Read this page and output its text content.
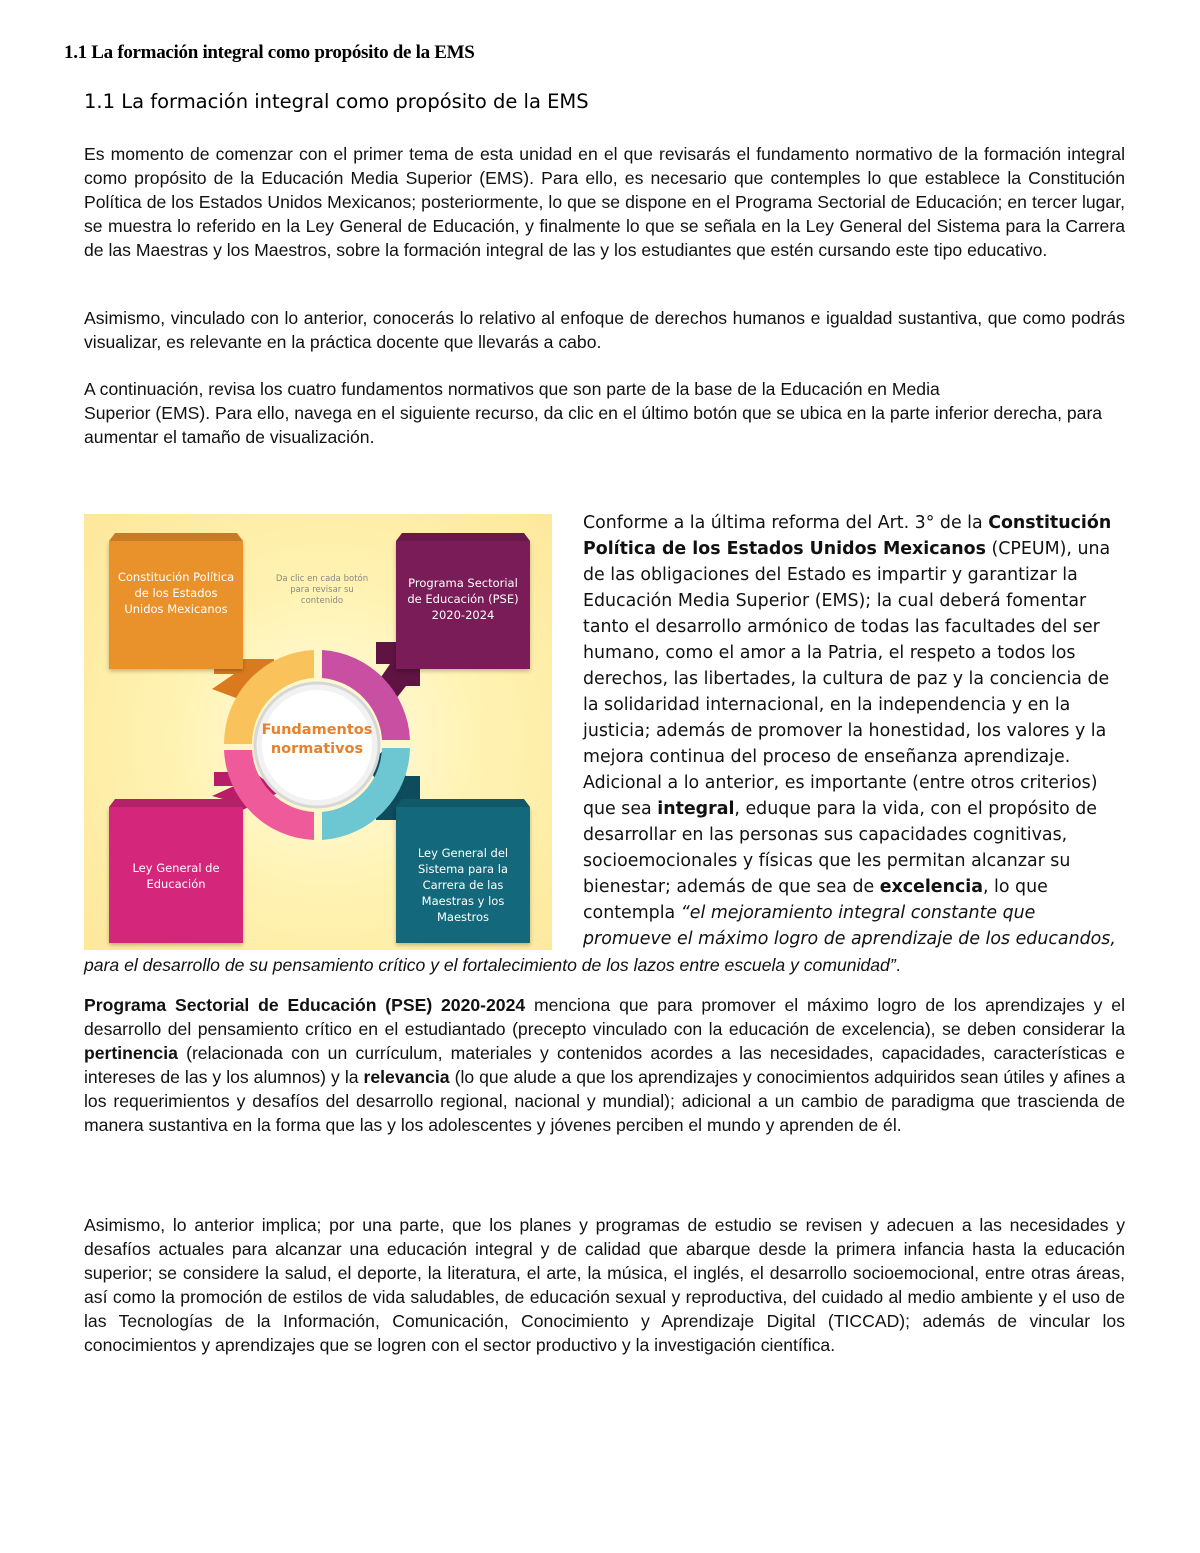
1.1 La formación integral como propósito de la EMS
1.1 La formación integral como propósito de la EMS

Es momento de comenzar con el primer tema de esta unidad en el que revisarás el fundamento normativo de la formación integral como propósito de la Educación Media Superior (EMS). Para ello, es necesario que contemples lo que establece la Constitución Política de los Estados Unidos Mexicanos; posteriormente, lo que se dispone en el Programa Sectorial de Educación; en tercer lugar, se muestra lo referido en la Ley General de Educación, y finalmente lo que se señala en la Ley General del Sistema para la Carrera de las Maestras y los Maestros, sobre la formación integral de las y los estudiantes que estén cursando este tipo educativo.

Asimismo, vinculado con lo anterior, conocerás lo relativo al enfoque de derechos humanos e igualdad sustantiva, que como podrás visualizar, es relevante en la práctica docente que llevarás a cabo.

A continuación, revisa los cuatro fundamentos normativos que son parte de la base de la Educación en Media
Superior (EMS). Para ello, navega en el siguiente recurso, da clic en el último botón que se ubica en la parte inferior derecha, para aumentar el tamaño de visualización.

Constitución Política de los Estados Unidos Mexicanos
Programa Sectorial de Educación (PSE) 2020-2024
Ley General de Educación
Ley General del Sistema para la Carrera de las Maestras y los Maestros
Da clic en cada botón para revisar su contenido
Fundamentos normativos

Conforme a la última reforma del Art. 3° de la Constitución Política de los Estados Unidos Mexicanos (CPEUM), una de las obligaciones del Estado es impartir y garantizar la Educación Media Superior (EMS); la cual deberá fomentar tanto el desarrollo armónico de todas las facultades del ser humano, como el amor a la Patria, el respeto a todos los derechos, las libertades, la cultura de paz y la conciencia de la solidaridad internacional, en la independencia y en la justicia; además de promover la honestidad, los valores y la mejora continua del proceso de enseñanza aprendizaje. Adicional a lo anterior, es importante (entre otros criterios) que sea integral, eduque para la vida, con el propósito de desarrollar en las personas sus capacidades cognitivas, socioemocionales y físicas que les permitan alcanzar su bienestar; además de que sea de excelencia, lo que contempla “el mejoramiento integral constante que promueve el máximo logro de aprendizaje de los educandos,

para el desarrollo de su pensamiento crítico y el fortalecimiento de los lazos entre escuela y comunidad”.

Programa Sectorial de Educación (PSE) 2020-2024 menciona que para promover el máximo logro de los aprendizajes y el desarrollo del pensamiento crítico en el estudiantado (precepto vinculado con la educación de excelencia), se deben considerar la pertinencia (relacionada con un currículum, materiales y contenidos acordes a las necesidades, capacidades, características e intereses de las y los alumnos) y la relevancia (lo que alude a que los aprendizajes y conocimientos adquiridos sean útiles y afines a los requerimientos y desafíos del desarrollo regional, nacional y mundial); adicional a un cambio de paradigma que trascienda de manera sustantiva en la forma que las y los adolescentes y jóvenes perciben el mundo y aprenden de él.

Asimismo, lo anterior implica; por una parte, que los planes y programas de estudio se revisen y adecuen a las necesidades y desafíos actuales para alcanzar una educación integral y de calidad que abarque desde la primera infancia hasta la educación superior; se considere la salud, el deporte, la literatura, el arte, la música, el inglés, el desarrollo socioemocional, entre otras áreas, así como la promoción de estilos de vida saludables, de educación sexual y reproductiva, del cuidado al medio ambiente y el uso de las Tecnologías de la Información, Comunicación, Conocimiento y Aprendizaje Digital (TICCAD); además de vincular los conocimientos y aprendizajes que se logren con el sector productivo y la investigación científica.
